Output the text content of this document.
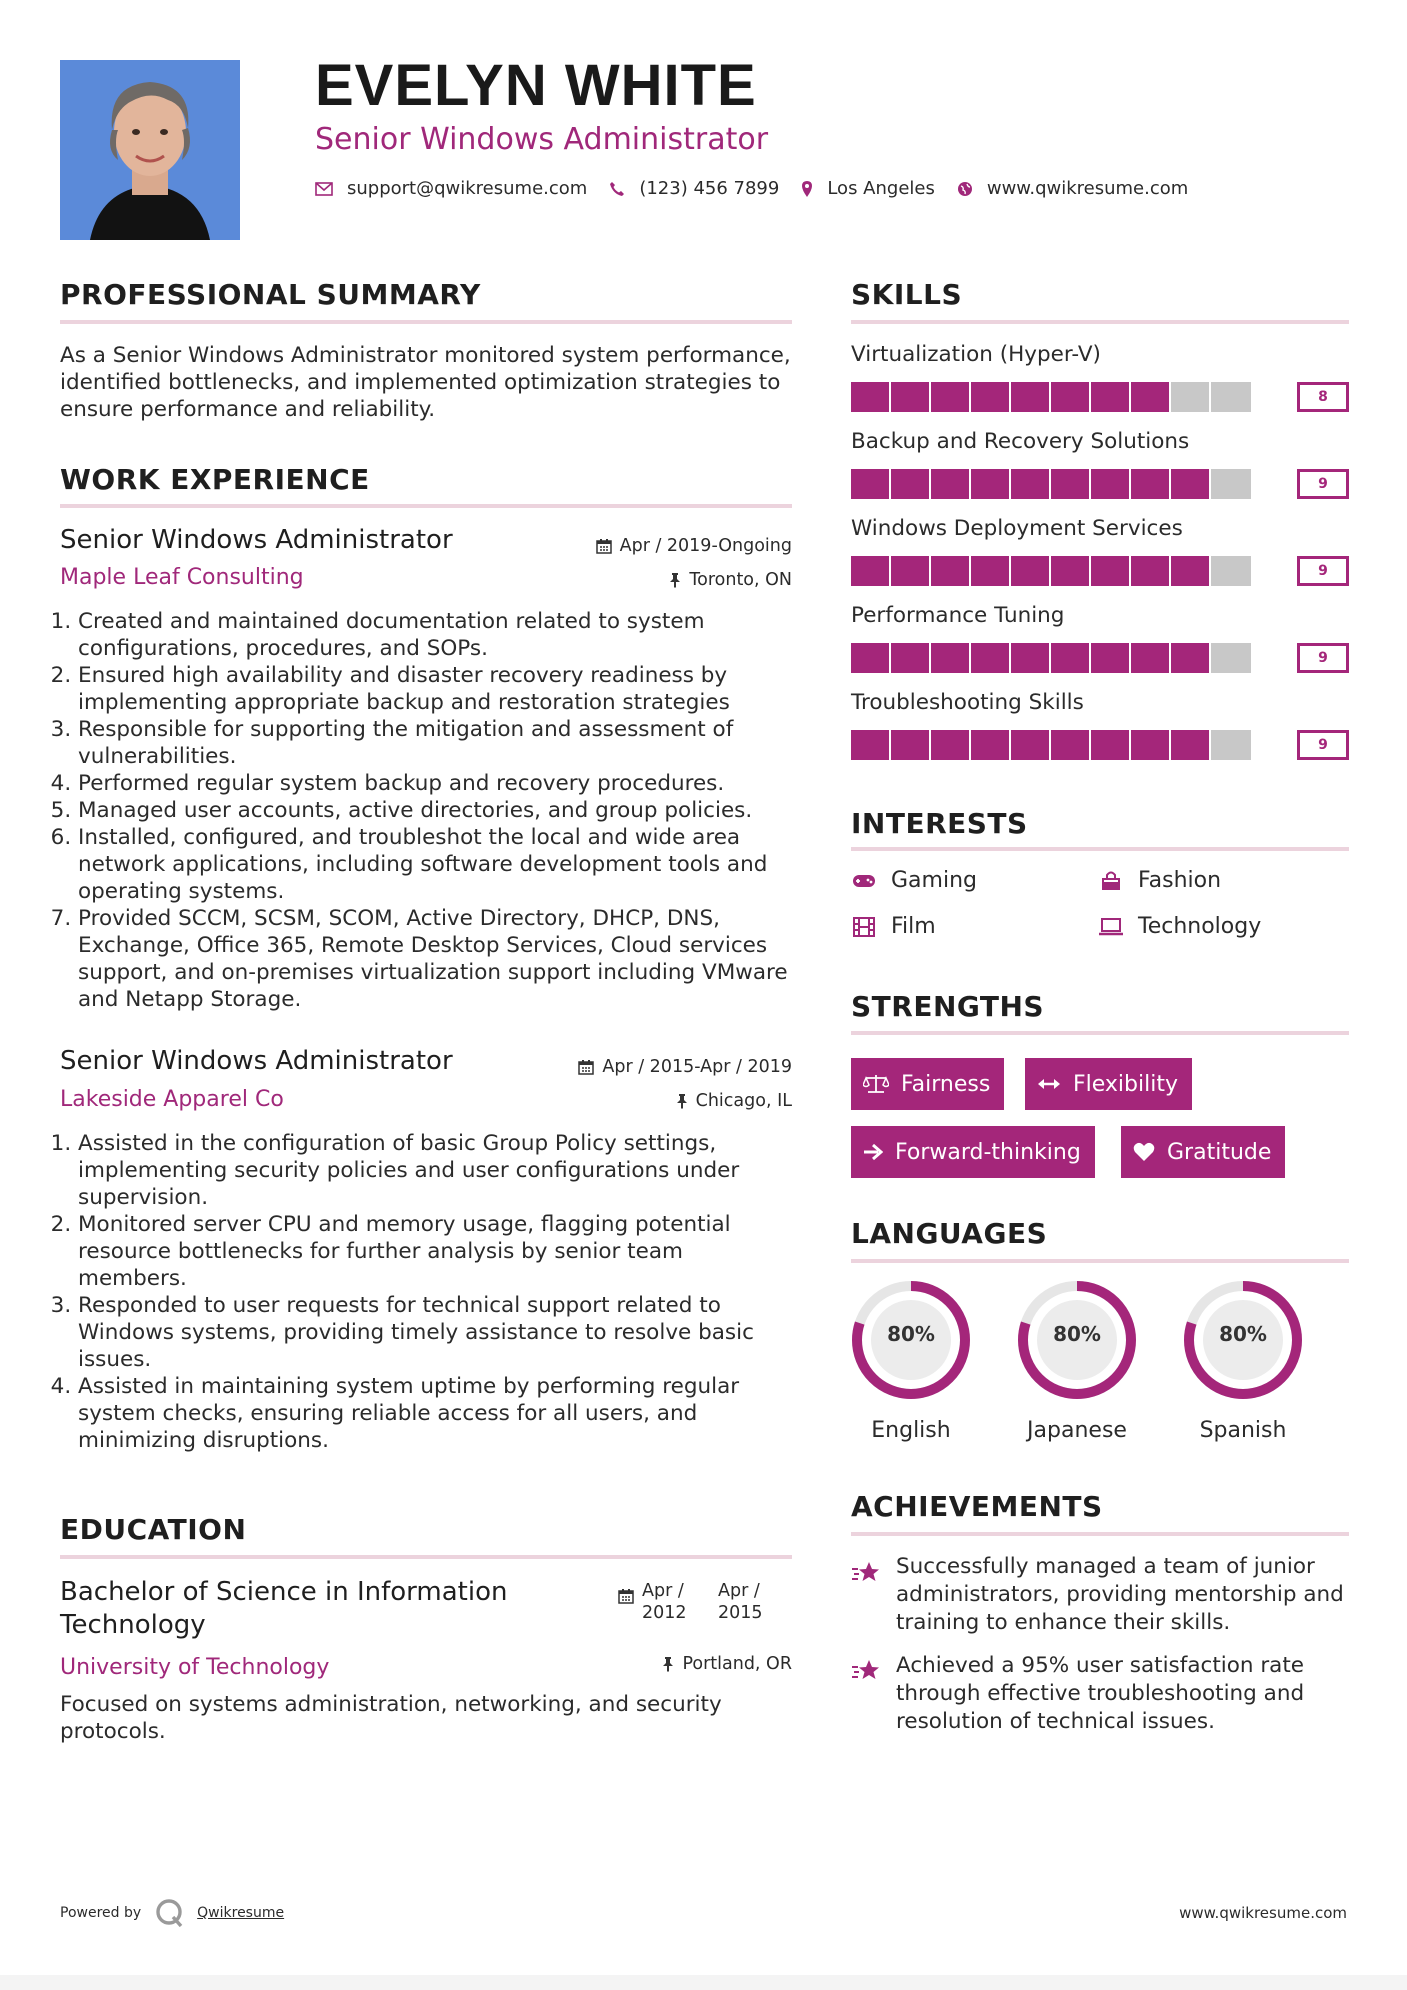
EVELYN WHITE
Senior Windows Administrator
support@qwikresume.com	(123) 456 7899	Los Angeles	www.qwikresume.com
PROFESSIONAL SUMMARY
As a Senior Windows Administrator monitored system performance, identified bottlenecks, and implemented optimization strategies to ensure performance and reliability.
WORK EXPERIENCE
Senior Windows Administrator	Apr / 2019-Ongoing
Maple Leaf Consulting	Toronto, ON
1. Created and maintained documentation related to system configurations, procedures, and SOPs.
2. Ensured high availability and disaster recovery readiness by implementing appropriate backup and restoration strategies
3. Responsible for supporting the mitigation and assessment of vulnerabilities.
4. Performed regular system backup and recovery procedures.
5. Managed user accounts, active directories, and group policies.
6. Installed, configured, and troubleshot the local and wide area network applications, including software development tools and operating systems.
7. Provided SCCM, SCSM, SCOM, Active Directory, DHCP, DNS, Exchange, Office 365, Remote Desktop Services, Cloud services support, and on-premises virtualization support including VMware and Netapp Storage.
Senior Windows Administrator	Apr / 2015-Apr / 2019
Lakeside Apparel Co	Chicago, IL
1. Assisted in the configuration of basic Group Policy settings, implementing security policies and user configurations under supervision.
2. Monitored server CPU and memory usage, flagging potential resource bottlenecks for further analysis by senior team members.
3. Responded to user requests for technical support related to Windows systems, providing timely assistance to resolve basic issues.
4. Assisted in maintaining system uptime by performing regular system checks, ensuring reliable access for all users, and minimizing disruptions.
EDUCATION
Bachelor of Science in Information Technology
Apr / 2012
Apr / 2015
University of Technology	Portland, OR
Focused on systems administration, networking, and security protocols.
SKILLS
Virtualization (Hyper-V)
8
Backup and Recovery Solutions
9
Windows Deployment Services
9
Performance Tuning
9
Troubleshooting Skills
9
INTERESTS
Gaming	Fashion
Film	Technology
STRENGTHS
Fairness	Flexibility
Forward-thinking	Gratitude
LANGUAGES
80%
English
80%
Japanese
80%
Spanish
ACHIEVEMENTS
Successfully managed a team of junior administrators, providing mentorship and training to enhance their skills.
Achieved a 95% user satisfaction rate through effective troubleshooting and resolution of technical issues.
Powered by	Qwikresume	www.qwikresume.com
